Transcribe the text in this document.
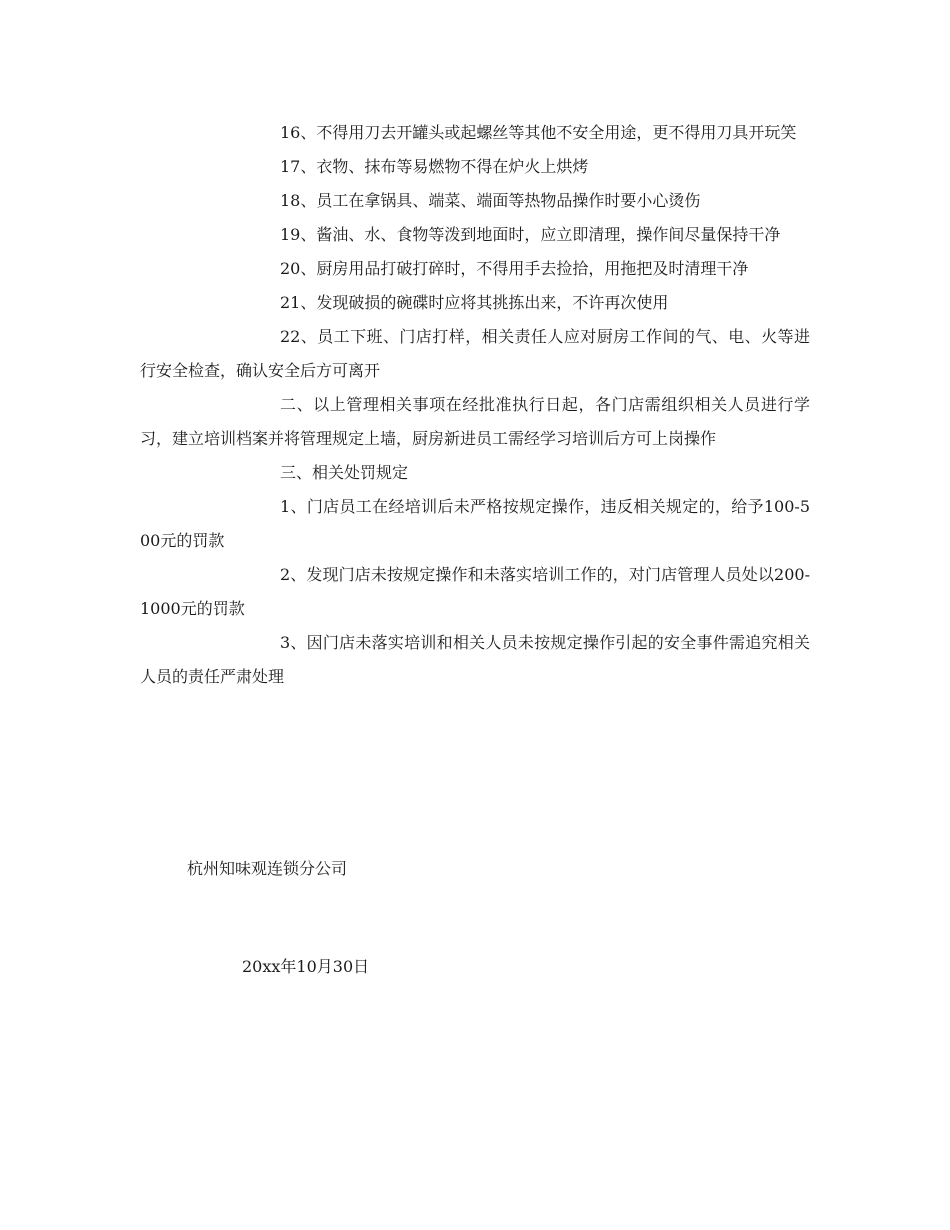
16、不得用刀去开罐头或起螺丝等其他不安全用途，更不得用刀具开玩笑

17、衣物、抹布等易燃物不得在炉火上烘烤

18、员工在拿锅具、端菜、端面等热物品操作时要小心烫伤

19、酱油、水、食物等泼到地面时，应立即清理，操作间尽量保持干净

20、厨房用品打破打碎时，不得用手去捡拾，用拖把及时清理干净

21、发现破损的碗碟时应将其挑拣出来，不许再次使用

22、员工下班、门店打样，相关责任人应对厨房工作间的气、电、火等进行安全检查，确认安全后方可离开

二、以上管理相关事项在经批准执行日起，各门店需组织相关人员进行学习，建立培训档案并将管理规定上墙，厨房新进员工需经学习培训后方可上岗操作

三、相关处罚规定

1、门店员工在经培训后未严格按规定操作，违反相关规定的，给予100-500元的罚款

2、发现门店未按规定操作和未落实培训工作的，对门店管理人员处以200-1000元的罚款

3、因门店未落实培训和相关人员未按规定操作引起的安全事件需追究相关人员的责任严肃处理

杭州知味观连锁分公司
20xx年10月30日
